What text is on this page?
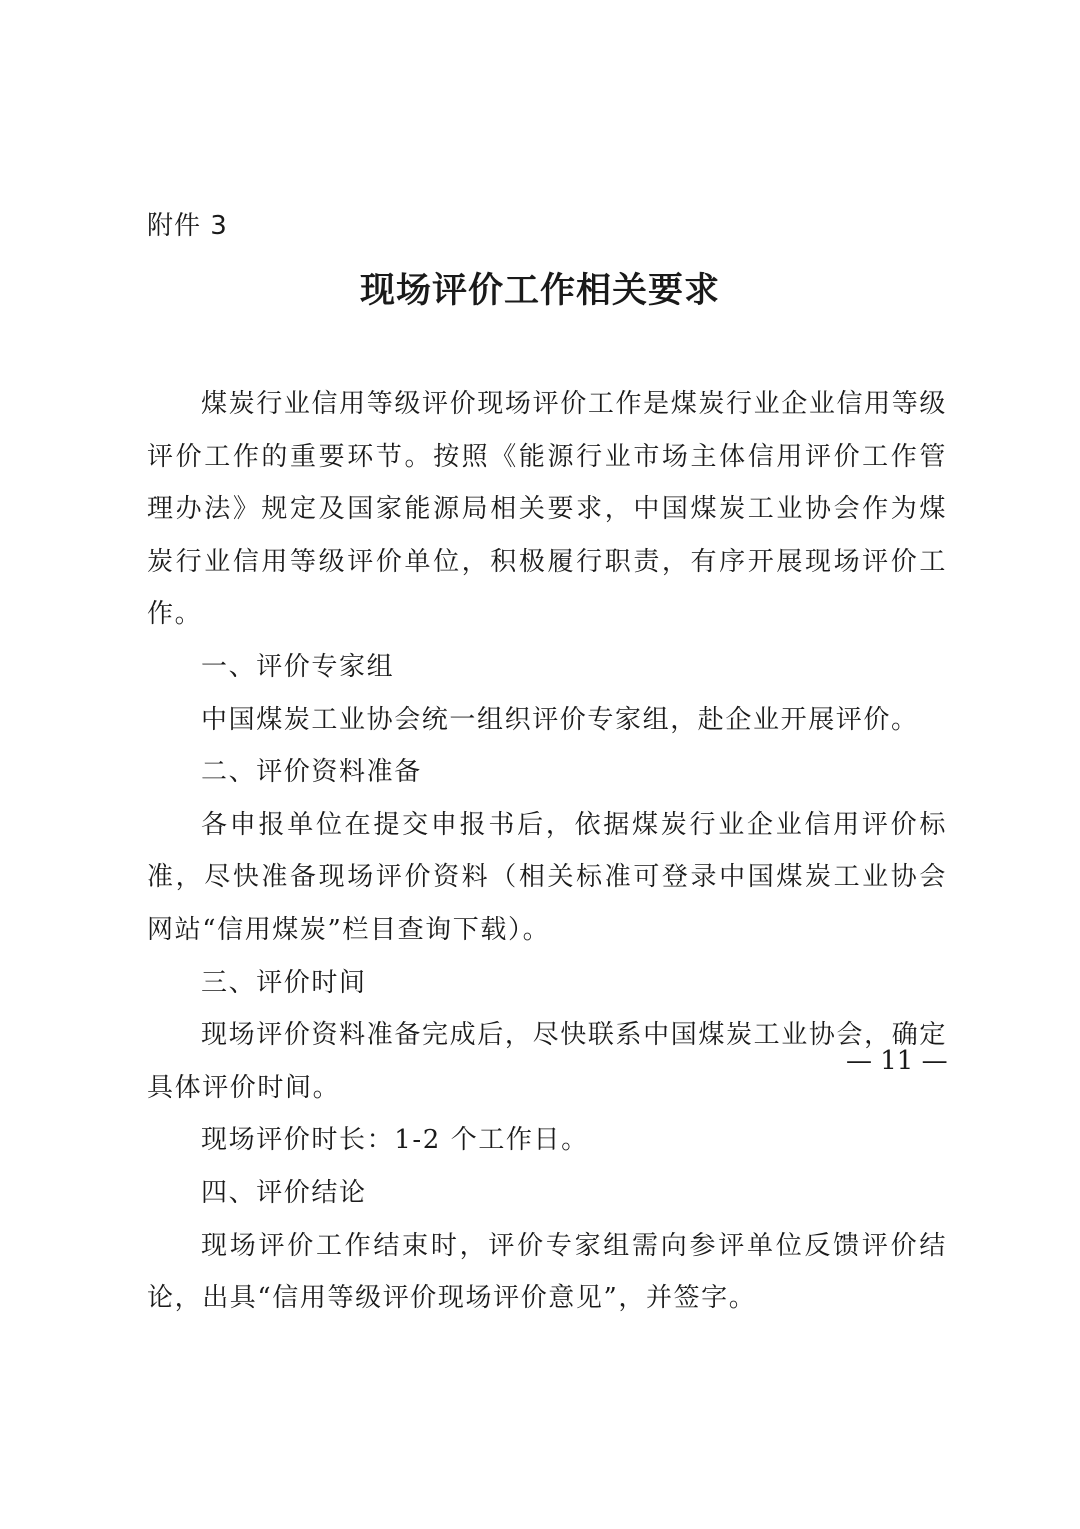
附件 3
现场评价工作相关要求

煤炭行业信用等级评价现场评价工作是煤炭行业企业信用等级评价工作的重要环节。按照《能源行业市场主体信用评价工作管理办法》规定及国家能源局相关要求，中国煤炭工业协会作为煤炭行业信用等级评价单位，积极履行职责，有序开展现场评价工作。

一、评价专家组

中国煤炭工业协会统一组织评价专家组，赴企业开展评价。

二、评价资料准备

各申报单位在提交申报书后，依据煤炭行业企业信用评价标准，尽快准备现场评价资料（相关标准可登录中国煤炭工业协会网站“信用煤炭”栏目查询下载）。

三、评价时间

现场评价资料准备完成后，尽快联系中国煤炭工业协会，确定具体评价时间。

现场评价时长：1-2 个工作日。

四、评价结论

现场评价工作结束时，评价专家组需向参评单位反馈评价结论，出具“信用等级评价现场评价意见”，并签字。

— 11 —
